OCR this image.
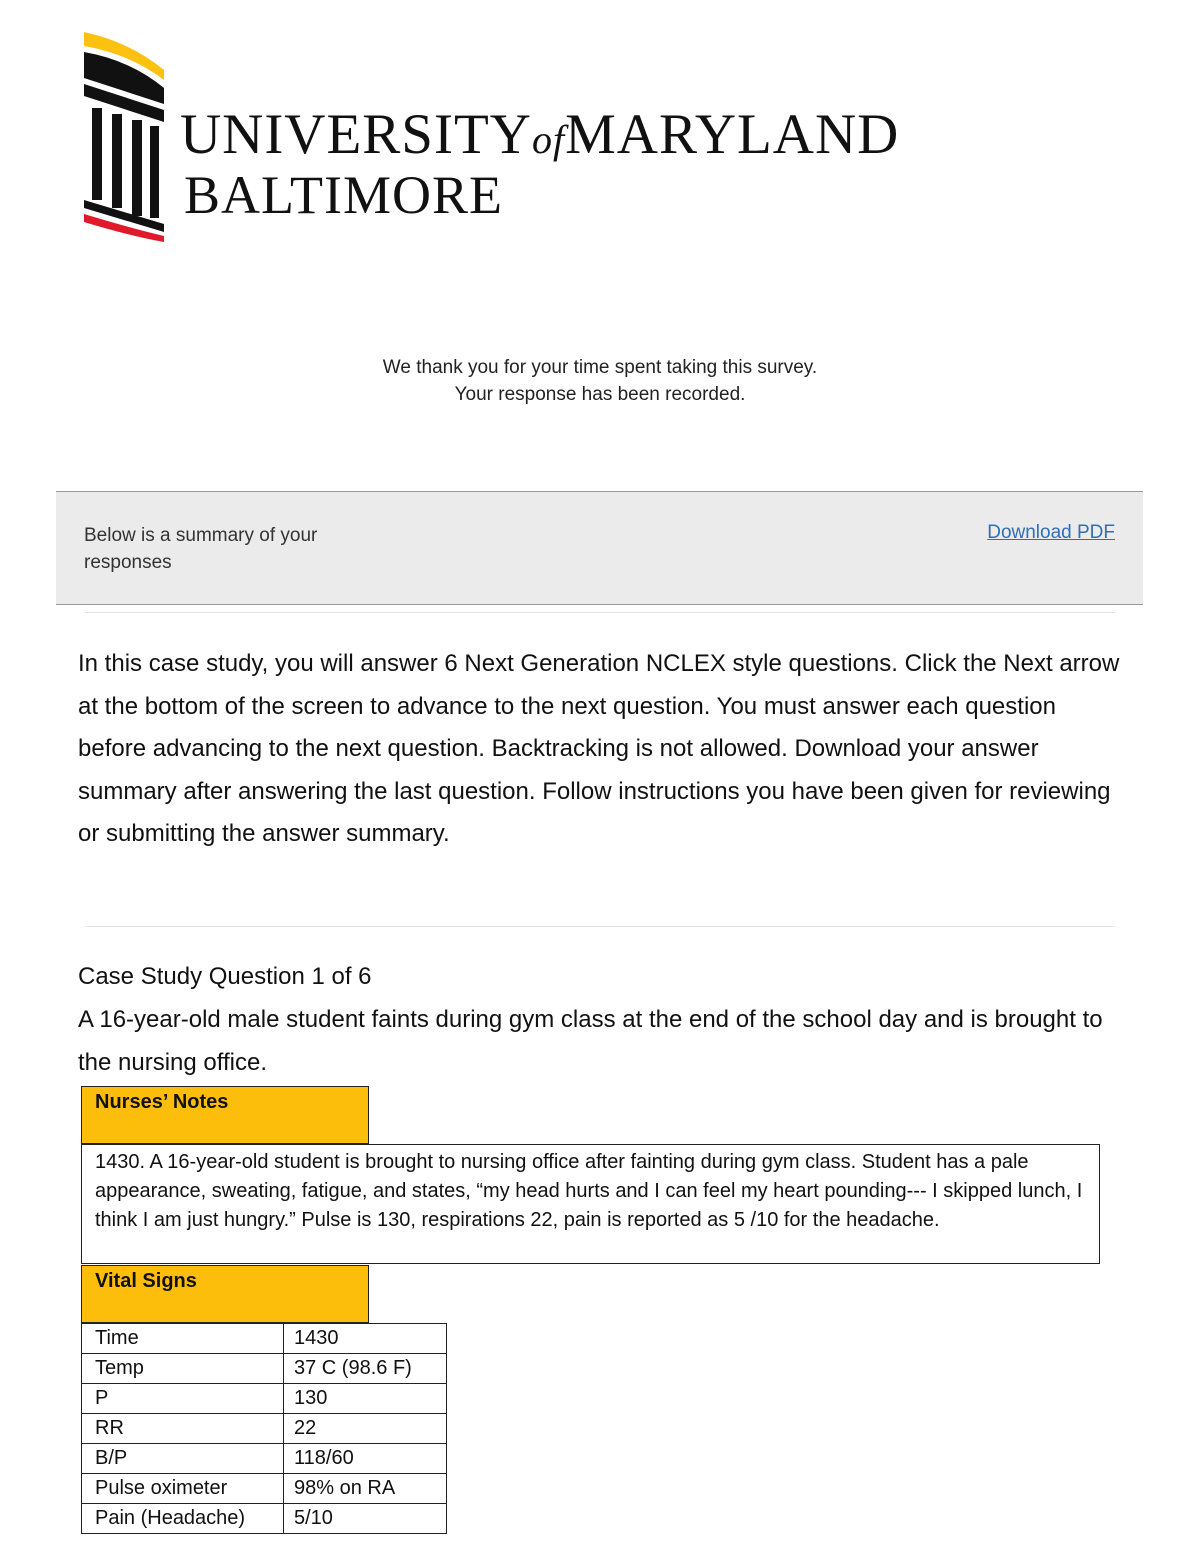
UNIVERSITYofMARYLAND
BALTIMORE
We thank you for your time spent taking this survey.
Your response has been recorded.
Below is a summary of your responses
Download PDF
In this case study, you will answer 6 Next Generation NCLEX style questions. Click the Next arrow at the bottom of the screen to advance to the next question. You must answer each question before advancing to the next question. Backtracking is not allowed. Download your answer summary after answering the last question. Follow instructions you have been given for reviewing or submitting the answer summary.
Case Study Question 1 of 6
A 16-year-old male student faints during gym class at the end of the school day and is brought to the nursing office.
Nurses’ Notes
1430. A 16-year-old student is brought to nursing office after fainting during gym class. Student has a pale appearance, sweating, fatigue, and states, “my head hurts and I can feel my heart pounding--- I skipped lunch, I think I am just hungry.” Pulse is 130, respirations 22, pain is reported as 5 /10 for the headache.
Vital Signs
Time	1430
Temp	37 C (98.6 F)
P	130
RR	22
B/P	118/60
Pulse oximeter	98% on RA
Pain (Headache)	5/10
